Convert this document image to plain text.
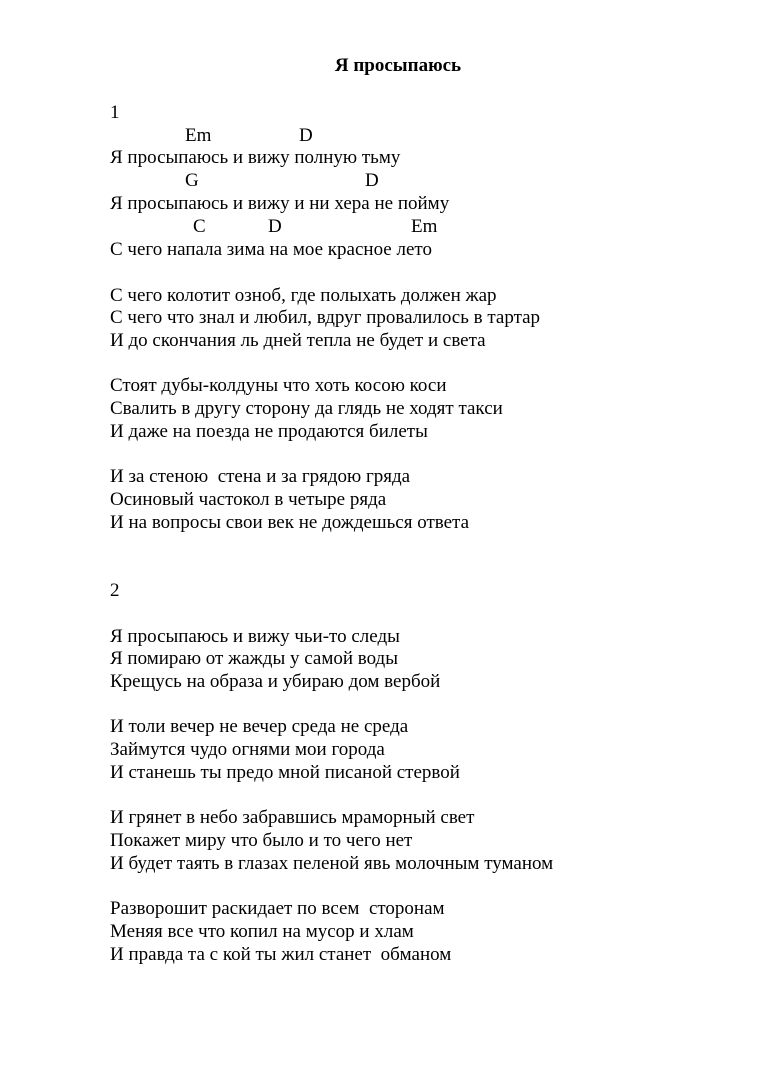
Я просыпаюсь
1
Em	D
Я просыпаюсь и вижу полную тьму
G	D
Я просыпаюсь и вижу и ни хера не пойму
C	D	Em
С чего напала зима на мое красное лето
С чего колотит озноб, где полыхать должен жар
С чего что знал и любил, вдруг провалилось в тартар
И до скончания ль дней тепла не будет и света
Стоят дубы-колдуны что хоть косою коси
Свалить в другу сторону да глядь не ходят такси
И даже на поезда не продаются билеты
И за стеною  стена и за грядою гряда
Осиновый частокол в четыре ряда
И на вопросы свои век не дождешься ответа
2
Я просыпаюсь и вижу чьи-то следы
Я помираю от жажды у самой воды
Крещусь на образа и убираю дом вербой
И толи вечер не вечер среда не среда
Займутся чудо огнями мои города
И станешь ты предо мной писаной стервой
И грянет в небо забравшись мраморный свет
Покажет миру что было и то чего нет
И будет таять в глазах пеленой явь молочным туманом
Разворошит раскидает по всем  сторонам
Меняя все что копил на мусор и хлам
И правда та с кой ты жил станет  обманом
